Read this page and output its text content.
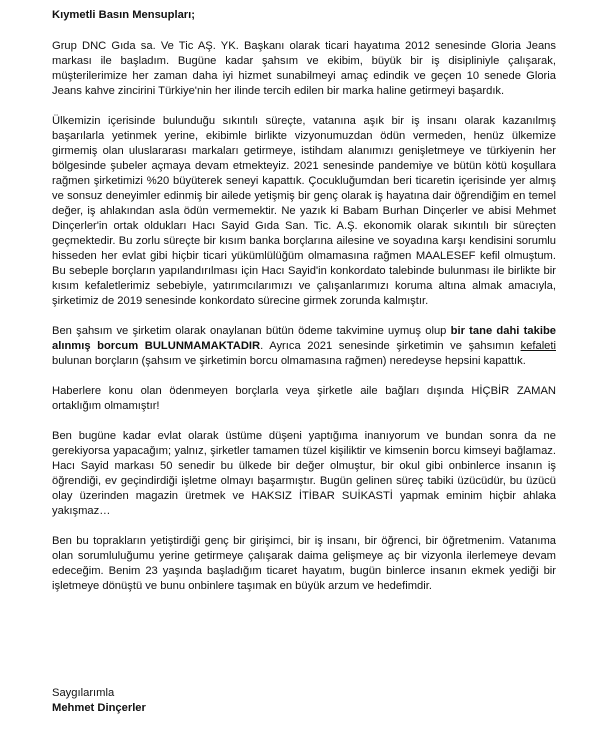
Kıymetli Basın Mensupları;

Grup DNC Gıda sa. Ve Tic AŞ. YK. Başkanı olarak ticari hayatıma 2012 senesinde Gloria Jeans markası ile başladım. Bugüne kadar şahsım ve ekibim, büyük bir iş disipliniyle çalışarak, müşterilerimize her zaman daha iyi hizmet sunabilmeyi amaç edindik ve geçen 10 senede Gloria Jeans kahve zincirini Türkiye'nin her ilinde tercih edilen bir marka haline getirmeyi başardık.

Ülkemizin içerisinde bulunduğu sıkıntılı süreçte, vatanına aşık bir iş insanı olarak kazanılmış başarılarla yetinmek yerine, ekibimle birlikte vizyonumuzdan ödün vermeden, henüz ülkemize girmemiş olan uluslararası markaları getirmeye, istihdam alanımızı genişletmeye ve türkiyenin her bölgesinde şubeler açmaya devam etmekteyiz. 2021 senesinde pandemiye ve bütün kötü koşullara rağmen şirketimizi %20 büyüterek seneyi kapattık. Çocukluğumdan beri ticaretin içerisinde yer almış ve sonsuz deneyimler edinmiş bir ailede yetişmiş bir genç olarak iş hayatına dair öğrendiğim en temel değer, iş ahlakından asla ödün vermemektir. Ne yazık ki Babam Burhan Dinçerler ve abisi Mehmet Dinçerler'in ortak oldukları Hacı Sayid Gıda San. Tic. A.Ş. ekonomik olarak sıkıntılı bir süreçten geçmektedir. Bu zorlu süreçte bir kısım banka borçlarına ailesine ve soyadına karşı kendisini sorumlu hisseden her evlat gibi hiçbir ticari yükümlülüğüm olmamasına rağmen MAALESEF kefil olmuştum. Bu sebeple borçların yapılandırılması için Hacı Sayid'in konkordato talebinde bulunması ile birlikte bir kısım kefaletlerimiz sebebiyle, yatırımcılarımızı ve çalışanlarımızı koruma altına almak amacıyla, şirketimiz de 2019 senesinde konkordato sürecine girmek zorunda kalmıştır.

Ben şahsım ve şirketim olarak onaylanan bütün ödeme takvimine uymuş olup bir tane dahi takibe alınmış borcum BULUNMAMAKTADIR. Ayrıca 2021 senesinde şirketimin ve şahsımın kefaleti bulunan borçların (şahsım ve şirketimin borcu olmamasına rağmen) neredeyse hepsini kapattık.

Haberlere konu olan ödenmeyen borçlarla veya şirketle aile bağları dışında HİÇBİR ZAMAN ortaklığım olmamıştır!

Ben bugüne kadar evlat olarak üstüme düşeni yaptığıma inanıyorum ve bundan sonra da ne gerekiyorsa yapacağım; yalnız, şirketler tamamen tüzel kişiliktir ve kimsenin borcu kimseyi bağlamaz. Hacı Sayid markası 50 senedir bu ülkede bir değer olmuştur, bir okul gibi onbinlerce insanın iş öğrendiği, ev geçindirdiği işletme olmayı başarmıştır. Bugün gelinen süreç tabiki üzücüdür, bu üzücü olay üzerinden magazin üretmek ve HAKSIZ İTİBAR SUİKASTİ yapmak eminim hiçbir ahlaka yakışmaz…

Ben bu toprakların yetiştirdiği genç bir girişimci, bir iş insanı, bir öğrenci, bir öğretmenim. Vatanıma olan sorumluluğumu yerine getirmeye çalışarak daima gelişmeye aç bir vizyonla ilerlemeye devam edeceğim. Benim 23 yaşında başladığım ticaret hayatım, bugün binlerce insanın ekmek yediği bir işletmeye dönüştü ve bunu onbinlere taşımak en büyük arzum ve hedefimdir.

Saygılarımla
Mehmet Dinçerler
